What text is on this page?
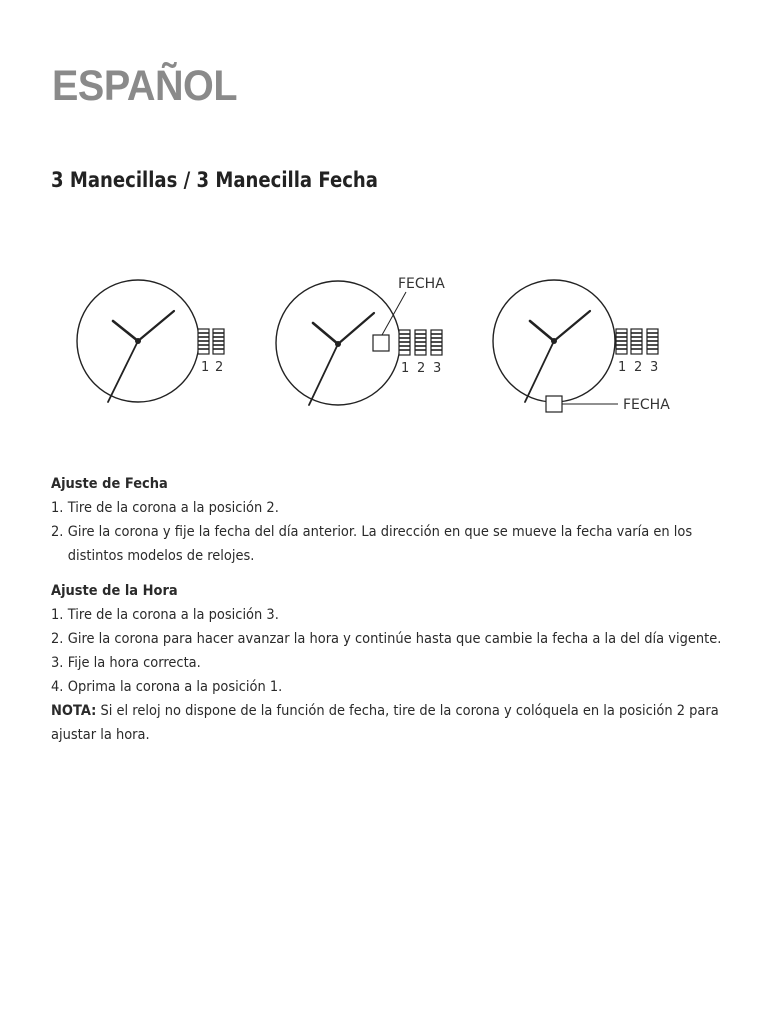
ESPAÑOL
3 Manecillas / 3 Manecilla Fecha
1 2
FECHA
1 2 3
FECHA
1 2 3

Ajuste de Fecha

1. Tire de la corona a la posición 2.
2. Gire la corona y fije la fecha del día anterior. La dirección en que se mueve la fecha varía en los distintos modelos de relojes.

Ajuste de la Hora

1. Tire de la corona a la posición 3.
2. Gire la corona para hacer avanzar la hora y continúe hasta que cambie la fecha a la del día vigente.
3. Fije la hora correcta.
4. Oprima la corona a la posición 1.

NOTA: Si el reloj no dispone de la función de fecha, tire de la corona y colóquela en la posición 2 para ajustar la hora.
